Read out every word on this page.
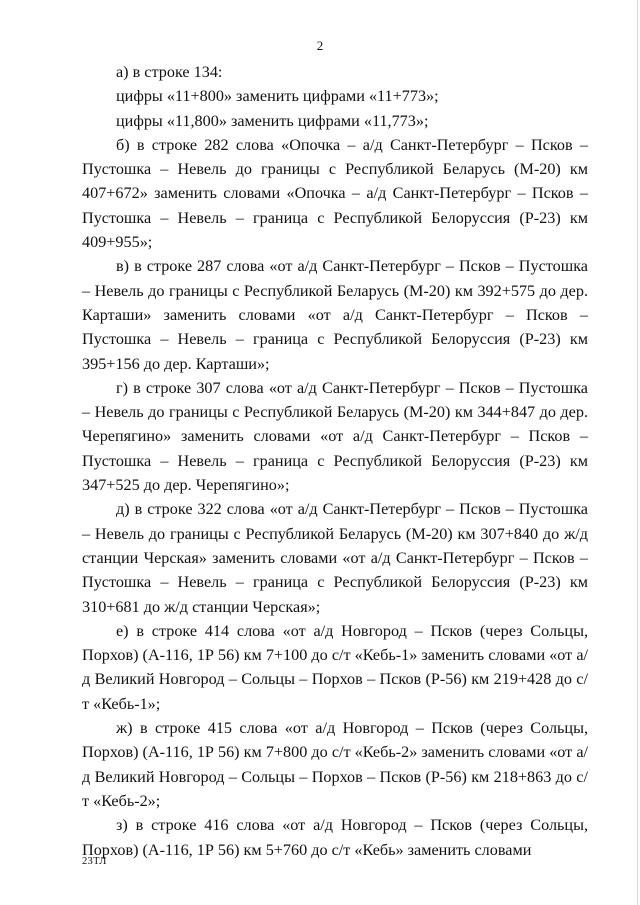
2

а) в строке 134:

цифры «11+800» заменить цифрами «11+773»;

цифры «11,800» заменить цифрами «11,773»;

б) в строке 282 слова «Опочка – а/д Санкт-Петербург – Псков – Пустошка – Невель до границы с Республикой Беларусь (М-20) км 407+672» заменить словами «Опочка – а/д Санкт-Петербург – Псков – Пустошка – Невель – граница с Республикой Белоруссия (Р-23) км 409+955»;

в) в строке 287 слова «от а/д Санкт-Петербург – Псков – Пустошка – Невель до границы с Республикой Беларусь (М-20) км 392+575 до дер. Карташи» заменить словами «от а/д Санкт-Петербург – Псков – Пустошка – Невель – граница с Республикой Белоруссия (Р-23) км 395+156 до дер. Карташи»;

г) в строке 307 слова «от а/д Санкт-Петербург – Псков – Пустошка – Невель до границы с Республикой Беларусь (М-20) км 344+847 до дер. Черепягино» заменить словами «от а/д Санкт-Петербург – Псков – Пустошка – Невель – граница с Республикой Белоруссия (Р-23) км 347+525 до дер. Черепягино»;

д) в строке 322 слова «от а/д Санкт-Петербург – Псков – Пустошка – Невель до границы с Республикой Беларусь (М-20) км 307+840 до ж/д станции Черская» заменить словами «от а/д Санкт-Петербург – Псков – Пустошка – Невель – граница с Республикой Белоруссия (Р-23) км 310+681 до ж/д станции Черская»;

е) в строке 414 слова «от а/д Новгород – Псков (через Сольцы, Порхов) (А-116, 1Р 56) км 7+100 до с/т «Кебь-1» заменить словами «от а/д Великий Новгород – Сольцы – Порхов – Псков (Р-56) км 219+428 до с/т «Кебь-1»;

ж) в строке 415 слова «от а/д Новгород – Псков (через Сольцы, Порхов) (А-116, 1Р 56) км 7+800 до с/т «Кебь-2» заменить словами «от а/д Великий Новгород – Сольцы – Порхов – Псков (Р-56) км 218+863 до с/т «Кебь-2»;

з) в строке 416 слова «от а/д Новгород – Псков (через Сольцы, Порхов) (А-116, 1Р 56) км 5+760 до с/т «Кебь» заменить словами

23ТЛ
